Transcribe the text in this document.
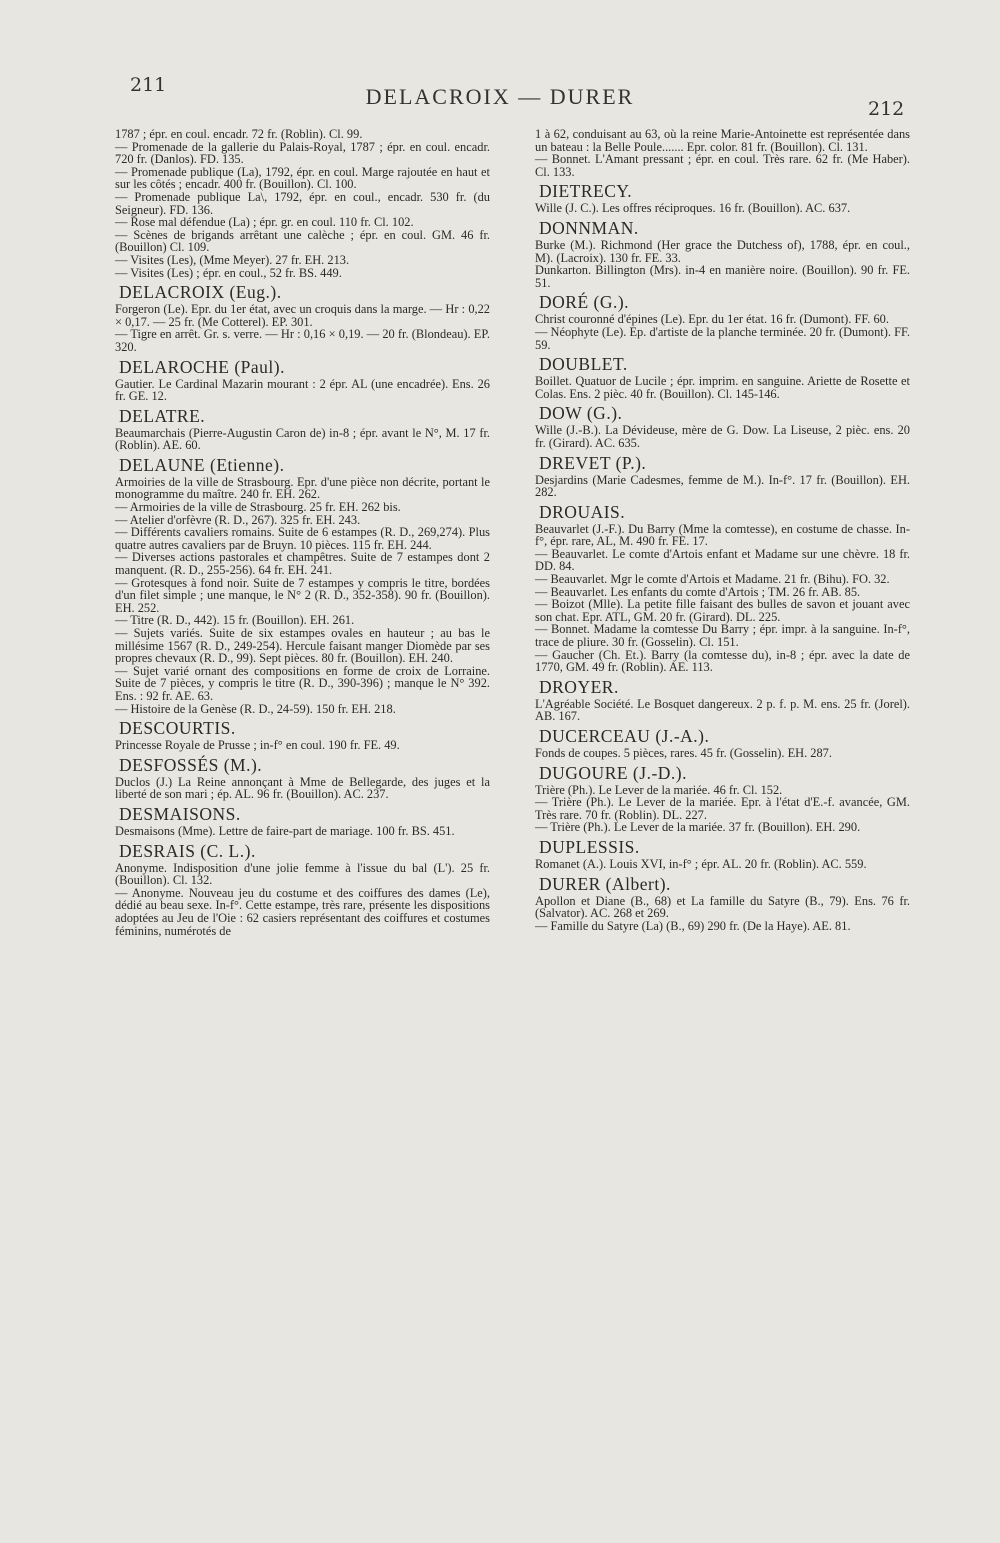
211	DELACROIX — DURER	212

1787 ; épr. en coul. encadr. 72 fr. (Roblin). Cl. 99.

— Promenade de la gallerie du Palais-Royal, 1787 ; épr. en coul. encadr. 720 fr. (Danlos). FD. 135.

— Promenade publique (La), 1792, épr. en coul. Marge rajoutée en haut et sur les côtés ; encadr. 400 fr. (Bouillon). Cl. 100.

— Promenade publique La\, 1792, épr. en coul., encadr. 530 fr. (du Seigneur). FD. 136.

— Rose mal défendue (La) ; épr. gr. en coul. 110 fr. Cl. 102.

— Scènes de brigands arrêtant une calèche ; épr. en coul. GM. 46 fr. (Bouillon) Cl. 109.

— Visites (Les), (Mme Meyer). 27 fr. EH. 213.

— Visites (Les) ; épr. en coul., 52 fr. BS. 449.

DELACROIX (Eug.).

Forgeron (Le). Epr. du 1er état, avec un croquis dans la marge. — Hr : 0,22 × 0,17. — 25 fr. (Me Cotterel). EP. 301.

— Tigre en arrêt. Gr. s. verre. — Hr : 0,16 × 0,19. — 20 fr. (Blondeau). EP. 320.

DELAROCHE (Paul).

Gautier. Le Cardinal Mazarin mourant : 2 épr. AL (une encadrée). Ens. 26 fr. GE. 12.

DELATRE.

Beaumarchais (Pierre-Augustin Caron de) in-8 ; épr. avant le N°, M. 17 fr. (Roblin). AE. 60.

DELAUNE (Etienne).

Armoiries de la ville de Strasbourg. Epr. d'une pièce non décrite, portant le monogramme du maître. 240 fr. EH. 262.

— Armoiries de la ville de Strasbourg. 25 fr. EH. 262 bis.

— Atelier d'orfèvre (R. D., 267). 325 fr. EH. 243.

— Différents cavaliers romains. Suite de 6 estampes (R. D., 269,274). Plus quatre autres cavaliers par de Bruyn. 10 pièces. 115 fr. EH. 244.

— Diverses actions pastorales et champêtres. Suite de 7 estampes dont 2 manquent. (R. D., 255-256). 64 fr. EH. 241.

— Grotesques à fond noir. Suite de 7 estampes y compris le titre, bordées d'un filet simple ; une manque, le N° 2 (R. D., 352-358). 90 fr. (Bouillon). EH. 252.

— Titre (R. D., 442). 15 fr. (Bouillon). EH. 261.

— Sujets variés. Suite de six estampes ovales en hauteur ; au bas le millésime 1567 (R. D., 249-254). Hercule faisant manger Diomède par ses propres chevaux (R. D., 99). Sept pièces. 80 fr. (Bouillon). EH. 240.

— Sujet varié ornant des compositions en forme de croix de Lorraine. Suite de 7 pièces, y compris le titre (R. D., 390-396) ; manque le N° 392. Ens. : 92 fr. AE. 63.

— Histoire de la Genèse (R. D., 24-59). 150 fr. EH. 218.

DESCOURTIS.

Princesse Royale de Prusse ; in-f° en coul. 190 fr. FE. 49.

DESFOSSÉS (M.).

Duclos (J.) La Reine annonçant à Mme de Bellegarde, des juges et la liberté de son mari ; ép. AL. 96 fr. (Bouillon). AC. 237.

DESMAISONS.

Desmaisons (Mme). Lettre de faire-part de mariage. 100 fr. BS. 451.

DESRAIS (C. L.).

Anonyme. Indisposition d'une jolie femme à l'issue du bal (L'). 25 fr. (Bouillon). Cl. 132.

— Anonyme. Nouveau jeu du costume et des coiffures des dames (Le), dédié au beau sexe. In-f°. Cette estampe, très rare, présente les dispositions adoptées au Jeu de l'Oie : 62 casiers représentant des coiffures et costumes féminins, numérotés de

1 à 62, conduisant au 63, où la reine Marie-Antoinette est représentée dans un bateau : la Belle Poule....... Epr. color. 81 fr. (Bouillon). Cl. 131.

— Bonnet. L'Amant pressant ; épr. en coul. Très rare. 62 fr. (Me Haber). Cl. 133.

DIETRECY.

Wille (J. C.). Les offres réciproques. 16 fr. (Bouillon). AC. 637.

DONNMAN.

Burke (M.). Richmond (Her grace the Dutchess of), 1788, épr. en coul., M). (Lacroix). 130 fr. FE. 33.

Dunkarton. Billington (Mrs). in-4 en manière noire. (Bouillon). 90 fr. FE. 51.

DORÉ (G.).

Christ couronné d'épines (Le). Epr. du 1er état. 16 fr. (Dumont). FF. 60.

— Néophyte (Le). Ep. d'artiste de la planche terminée. 20 fr. (Dumont). FF. 59.

DOUBLET.

Boillet. Quatuor de Lucile ; épr. imprim. en sanguine. Ariette de Rosette et Colas. Ens. 2 pièc. 40 fr. (Bouillon). Cl. 145-146.

DOW (G.).

Wille (J.-B.). La Dévideuse, mère de G. Dow. La Liseuse, 2 pièc. ens. 20 fr. (Girard). AC. 635.

DREVET (P.).

Desjardins (Marie Cadesmes, femme de M.). In-f°. 17 fr. (Bouillon). EH. 282.

DROUAIS.

Beauvarlet (J.-F.). Du Barry (Mme la comtesse), en costume de chasse. In-f°, épr. rare, AL, M. 490 fr. FE. 17.

— Beauvarlet. Le comte d'Artois enfant et Madame sur une chèvre. 18 fr. DD. 84.

— Beauvarlet. Mgr le comte d'Artois et Madame. 21 fr. (Bihu). FO. 32.

— Beauvarlet. Les enfants du comte d'Artois ; TM. 26 fr. AB. 85.

— Boizot (Mlle). La petite fille faisant des bulles de savon et jouant avec son chat. Epr. ATL, GM. 20 fr. (Girard). DL. 225.

— Bonnet. Madame la comtesse Du Barry ; épr. impr. à la sanguine. In-f°, trace de pliure. 30 fr. (Gosselin). Cl. 151.

— Gaucher (Ch. Et.). Barry (la comtesse du), in-8 ; épr. avec la date de 1770, GM. 49 fr. (Roblin). AE. 113.

DROYER.

L'Agréable Société. Le Bosquet dangereux. 2 p. f. p. M. ens. 25 fr. (Jorel). AB. 167.

DUCERCEAU (J.-A.).

Fonds de coupes. 5 pièces, rares. 45 fr. (Gosselin). EH. 287.

DUGOURE (J.-D.).

Trière (Ph.). Le Lever de la mariée. 46 fr. Cl. 152.

— Trière (Ph.). Le Lever de la mariée. Epr. à l'état d'E.-f. avancée, GM. Très rare. 70 fr. (Roblin). DL. 227.

— Trière (Ph.). Le Lever de la mariée. 37 fr. (Bouillon). EH. 290.

DUPLESSIS.

Romanet (A.). Louis XVI, in-f° ; épr. AL. 20 fr. (Roblin). AC. 559.

DURER (Albert).

Apollon et Diane (B., 68) et La famille du Satyre (B., 79). Ens. 76 fr. (Salvator). AC. 268 et 269.

— Famille du Satyre (La) (B., 69) 290 fr. (De la Haye). AE. 81.
